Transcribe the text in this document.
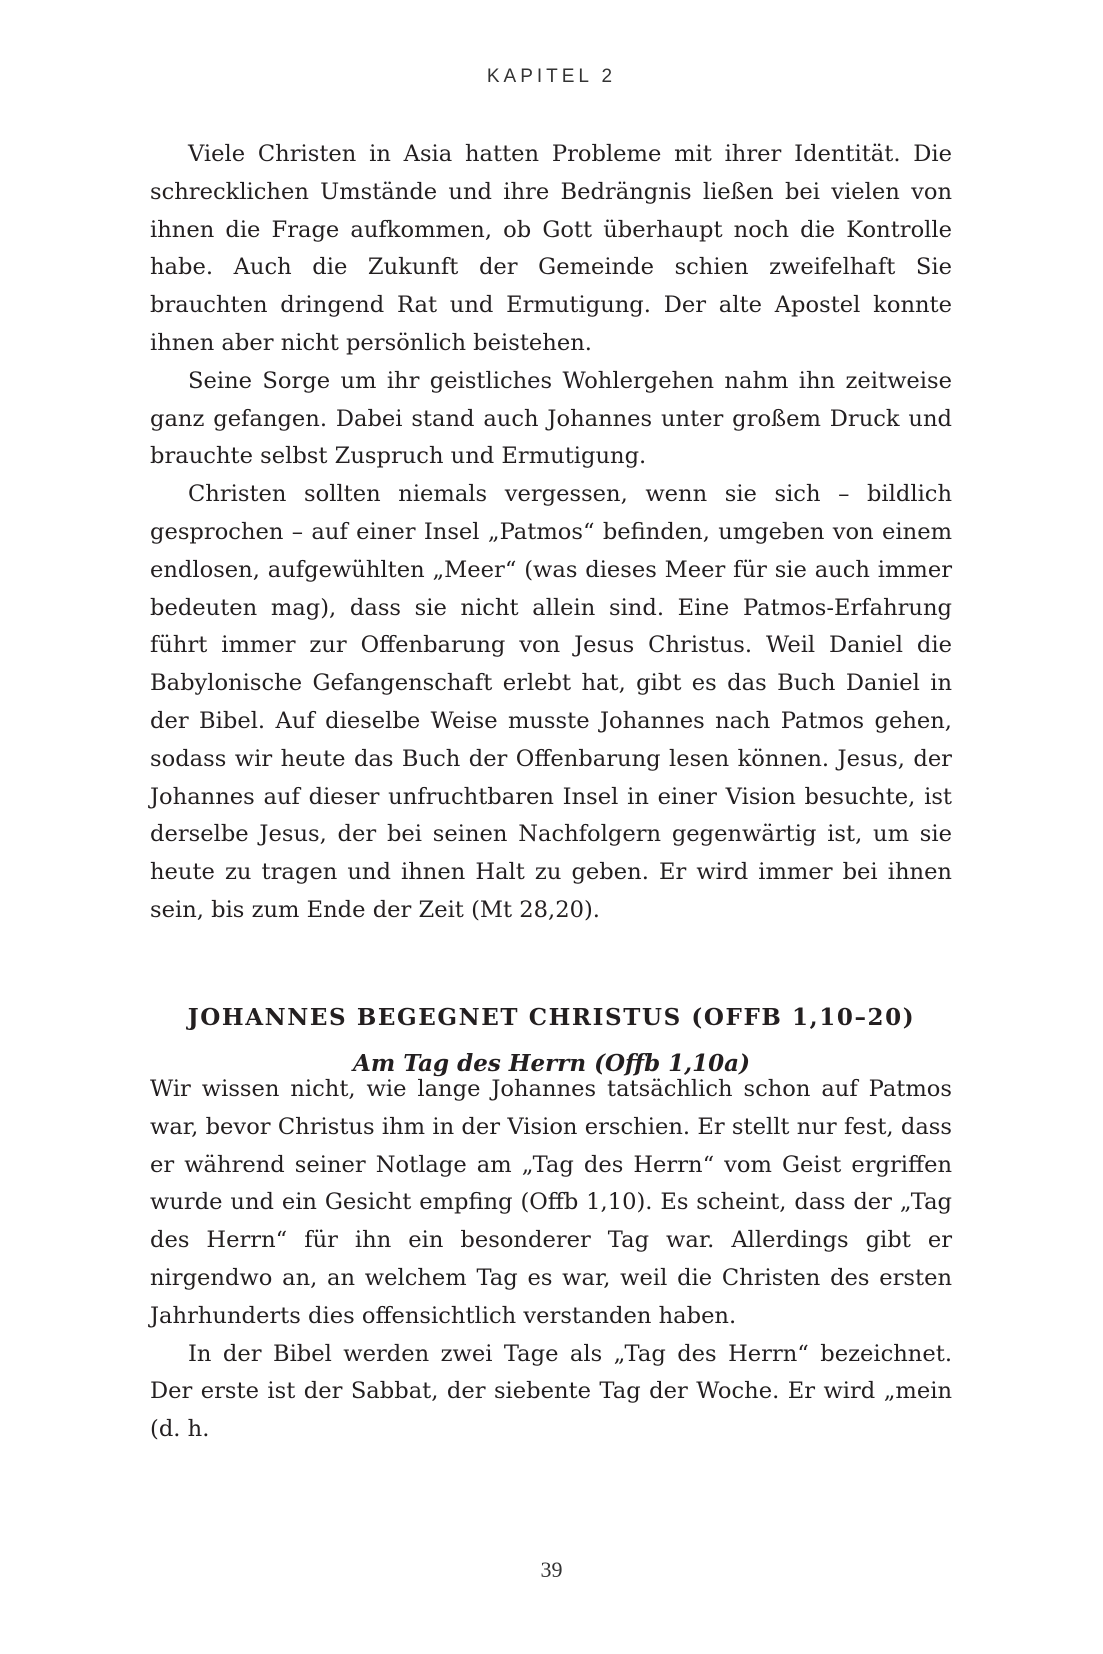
KAPITEL 2

Viele Christen in Asia hatten Probleme mit ihrer Identität. Die schrecklichen Umstände und ihre Bedrängnis ließen bei vielen von ihnen die Frage aufkommen, ob Gott überhaupt noch die Kontrolle habe. Auch die Zukunft der Gemeinde schien zweifelhaft Sie brauchten dringend Rat und Ermutigung. Der alte Apostel konnte ihnen aber nicht persönlich beistehen.

Seine Sorge um ihr geistliches Wohlergehen nahm ihn zeitweise ganz gefangen. Dabei stand auch Johannes unter großem Druck und brauchte selbst Zuspruch und Ermutigung.

Christen sollten niemals vergessen, wenn sie sich – bildlich gesprochen – auf einer Insel „Patmos“ befinden, umgeben von einem endlosen, aufgewühlten „Meer“ (was dieses Meer für sie auch immer bedeuten mag), dass sie nicht allein sind. Eine Patmos-Erfahrung führt immer zur Offenbarung von Jesus Christus. Weil Daniel die Babylonische Gefangenschaft erlebt hat, gibt es das Buch Daniel in der Bibel. Auf dieselbe Weise musste Johannes nach Patmos gehen, sodass wir heute das Buch der Offenbarung lesen können. Jesus, der Johannes auf dieser unfruchtbaren Insel in einer Vision besuchte, ist derselbe Jesus, der bei seinen Nachfolgern gegenwärtig ist, um sie heute zu tragen und ihnen Halt zu geben. Er wird immer bei ihnen sein, bis zum Ende der Zeit (Mt 28,20).

JOHANNES BEGEGNET CHRISTUS (OFFB 1,10–20)
Am Tag des Herrn (Offb 1,10a)

Wir wissen nicht, wie lange Johannes tatsächlich schon auf Patmos war, bevor Christus ihm in der Vision erschien. Er stellt nur fest, dass er während seiner Notlage am „Tag des Herrn“ vom Geist ergriffen wurde und ein Gesicht empfing (Offb 1,10). Es scheint, dass der „Tag des Herrn“ für ihn ein besonderer Tag war. Allerdings gibt er nirgendwo an, an welchem Tag es war, weil die Christen des ersten Jahrhunderts dies offensichtlich verstanden haben.

In der Bibel werden zwei Tage als „Tag des Herrn“ bezeichnet. Der erste ist der Sabbat, der siebente Tag der Woche. Er wird „mein (d. h.

39
